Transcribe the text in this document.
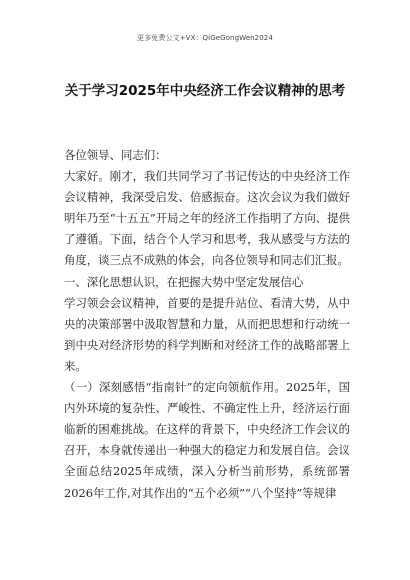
更多免费公文+VX：QiGeGongWen2024
关于学习2025年中央经济工作会议精神的思考

各位领导、同志们：

大家好。刚才，我们共同学习了书记传达的中央经济工作会议精神，我深受启发、倍感振奋。这次会议为我们做好明年乃至“十五五”开局之年的经济工作指明了方向、提供了遵循。下面，结合个人学习和思考，我从感受与方法的角度，谈三点不成熟的体会，向各位领导和同志们汇报。

一、深化思想认识，在把握大势中坚定发展信心

学习领会会议精神，首要的是提升站位、看清大势，从中央的决策部署中汲取智慧和力量，从而把思想和行动统一到中央对经济形势的科学判断和对经济工作的战略部署上来。

（一）深刻感悟“指南针”的定向领航作用。2025年，国内外环境的复杂性、严峻性、不确定性上升，经济运行面临新的困难挑战。在这样的背景下，中央经济工作会议的召开，本身就传递出一种强大的稳定力和发展自信。会议全面总结2025年成绩，深入分析当前形势，系统部署2026年工作,对其作出的“五个必须”“八个坚持”等规律
